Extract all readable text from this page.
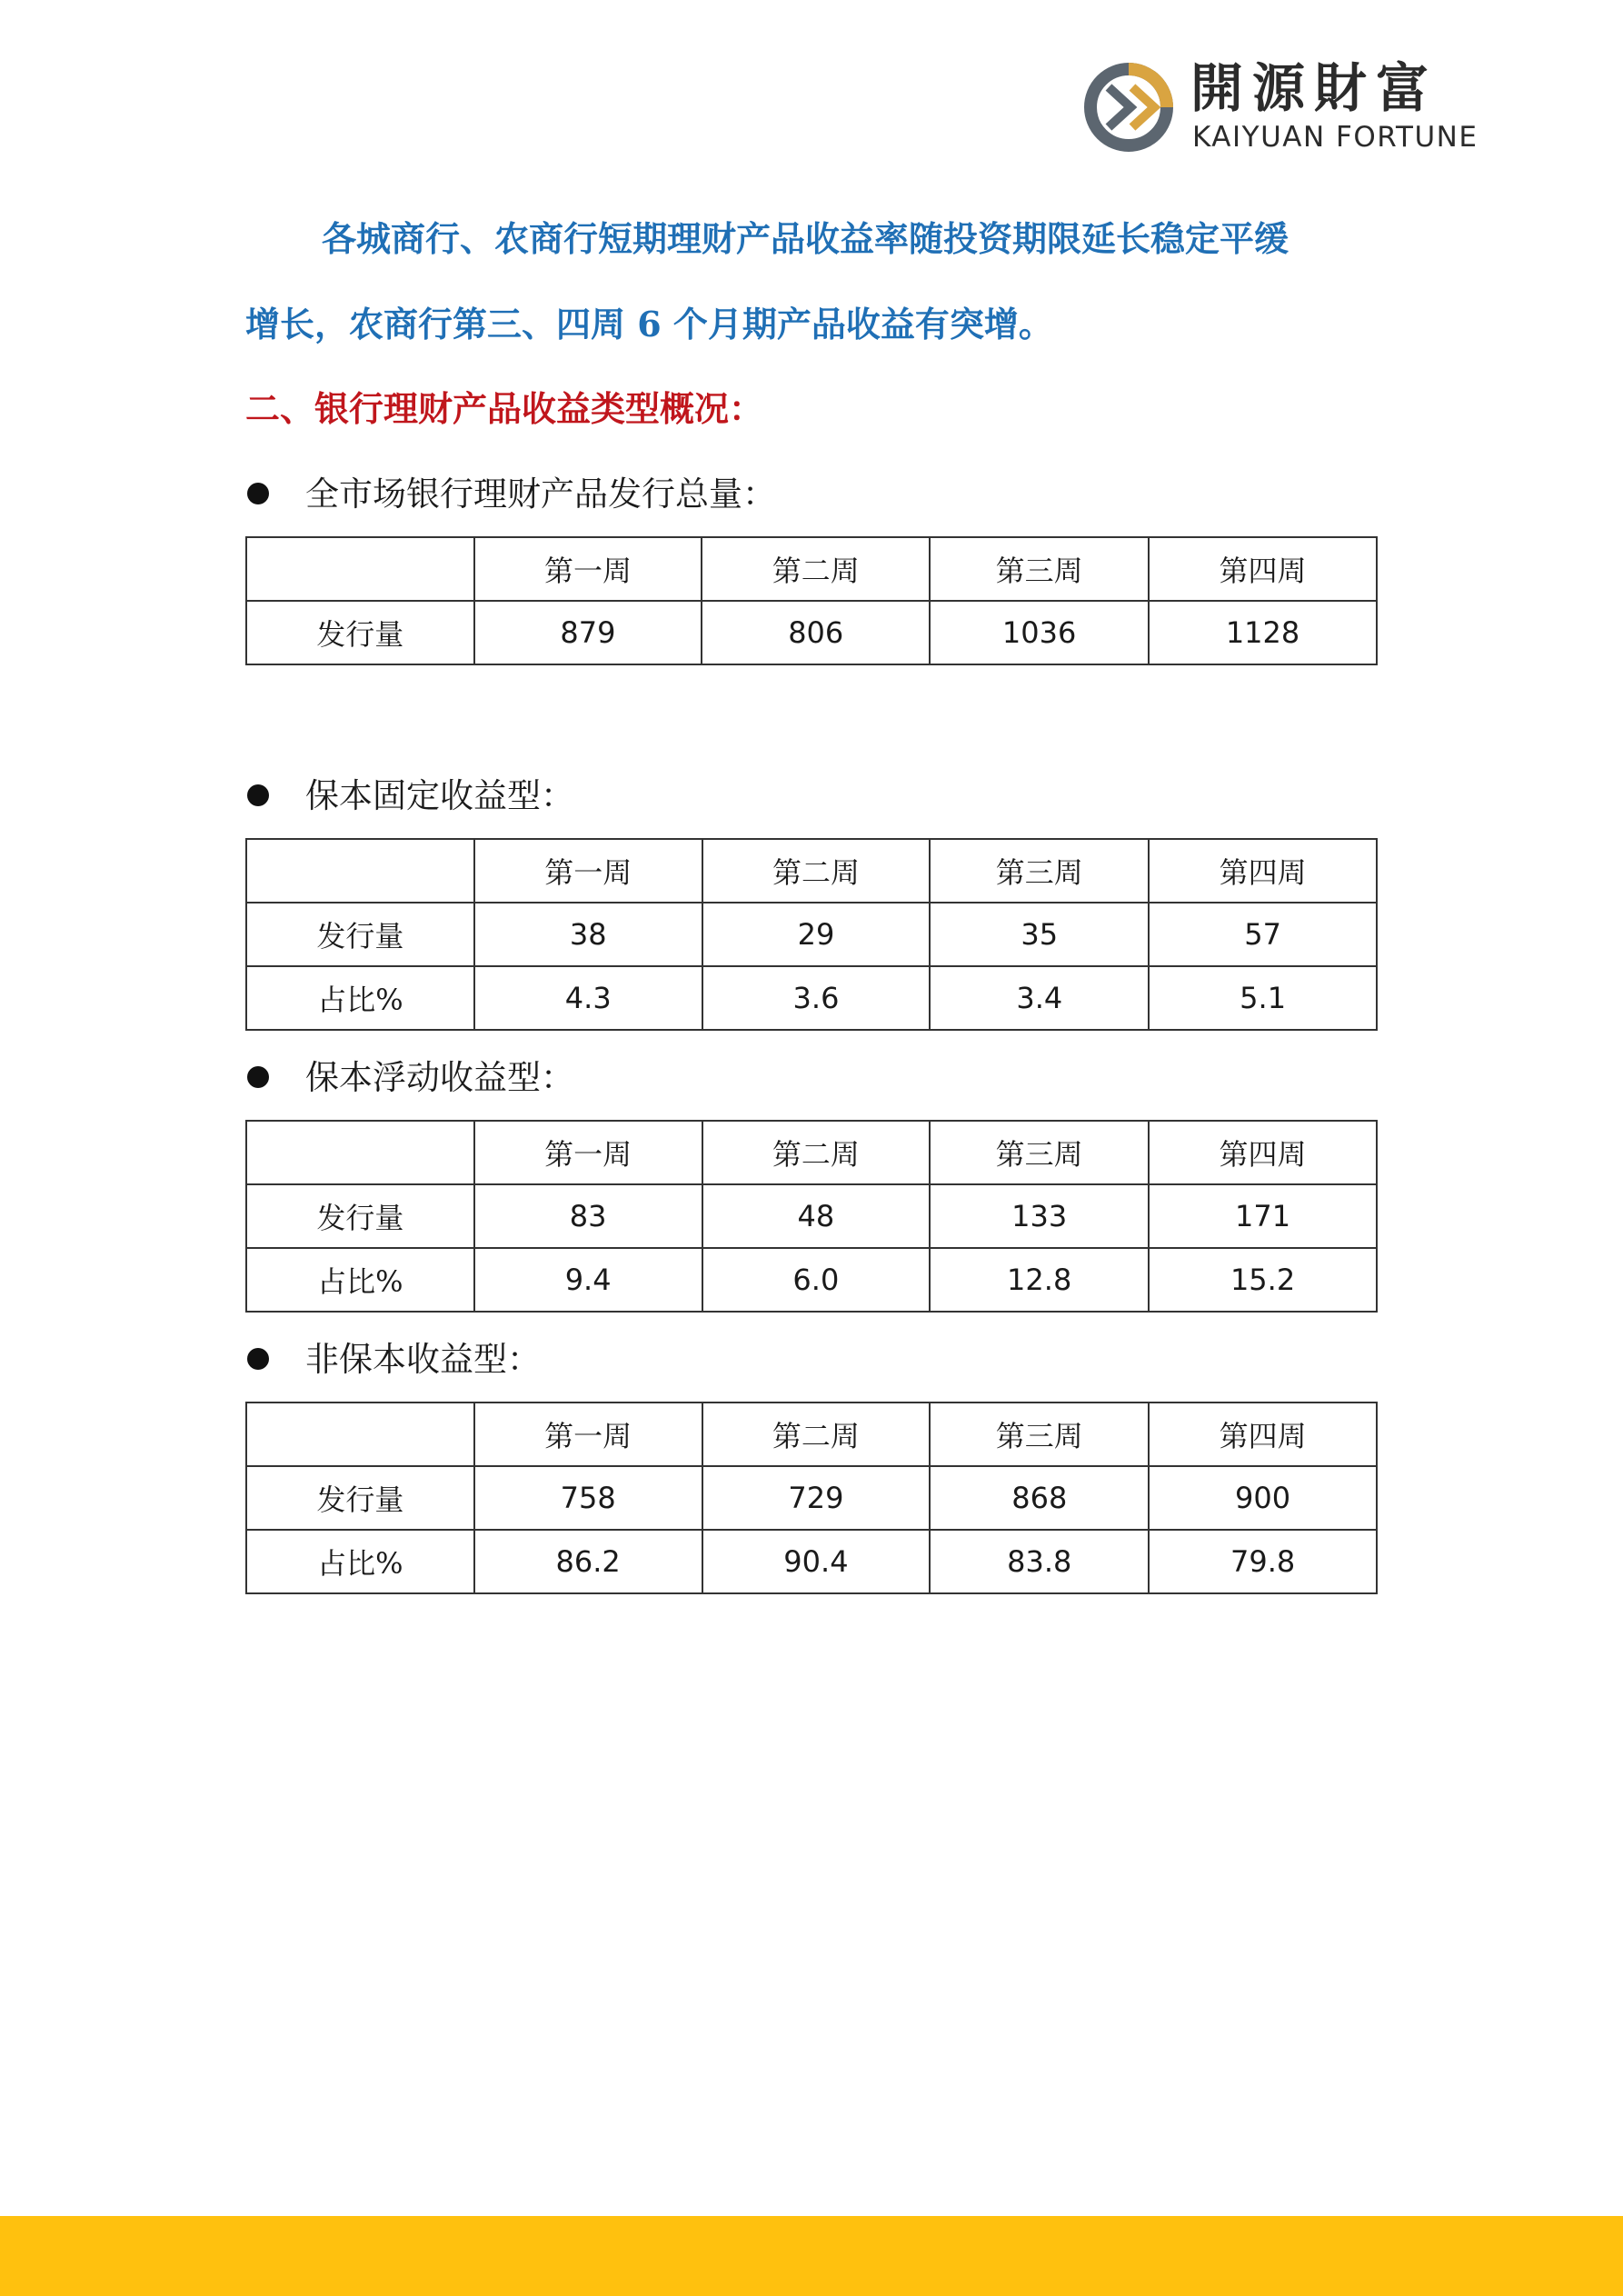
開源財富
KAIYUAN FORTUNE
各城商行、农商行短期理财产品收益率随投资期限延长稳定平缓
增长，农商行第三、四周 6 个月期产品收益有突增。
二、银行理财产品收益类型概况：
全市场银行理财产品发行总量：
	第一周	第二周	第三周	第四周
发行量	879	806	1036	1128
保本固定收益型：
	第一周	第二周	第三周	第四周
发行量	38	29	35	57
占比%	4.3	3.6	3.4	5.1
保本浮动收益型：
	第一周	第二周	第三周	第四周
发行量	83	48	133	171
占比%	9.4	6.0	12.8	15.2
非保本收益型：
	第一周	第二周	第三周	第四周
发行量	758	729	868	900
占比%	86.2	90.4	83.8	79.8
